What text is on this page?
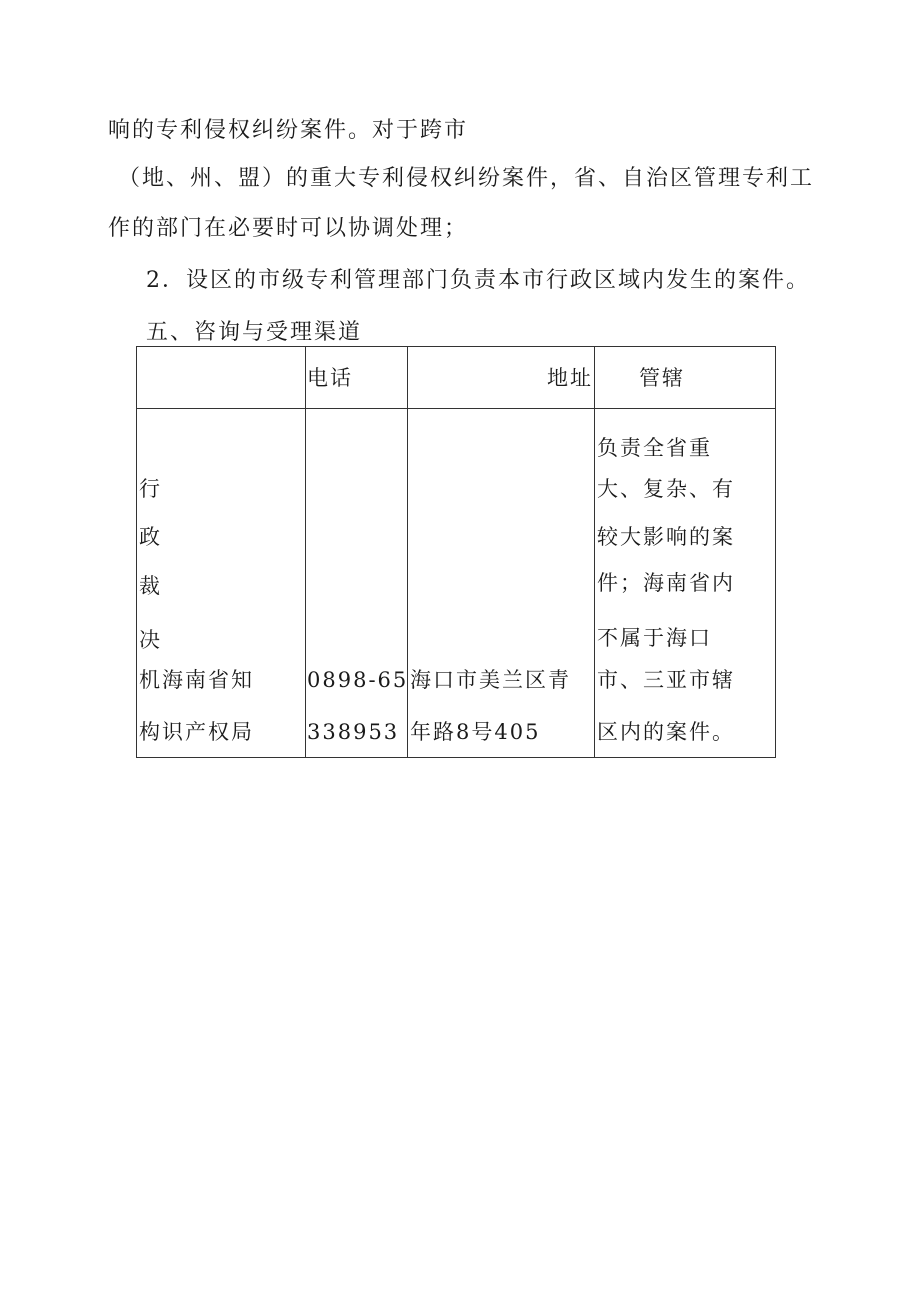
响的专利侵权纠纷案件。对于跨市
（地、州、盟）的重大专利侵权纠纷案件，省、自治区管理专利工
作的部门在必要时可以协调处理；
2．设区的市级专利管理部门负责本市行政区域内发生的案件。
五、咨询与受理渠道
电话	地址 管辖
行
政
裁
决
机海南省知
构识产权局
0898-65
338953
海口市美兰区青
年路8号405
负责全省重
大、复杂、有
较大影响的案
件；海南省内
不属于海口
市、三亚市辖
区内的案件。
